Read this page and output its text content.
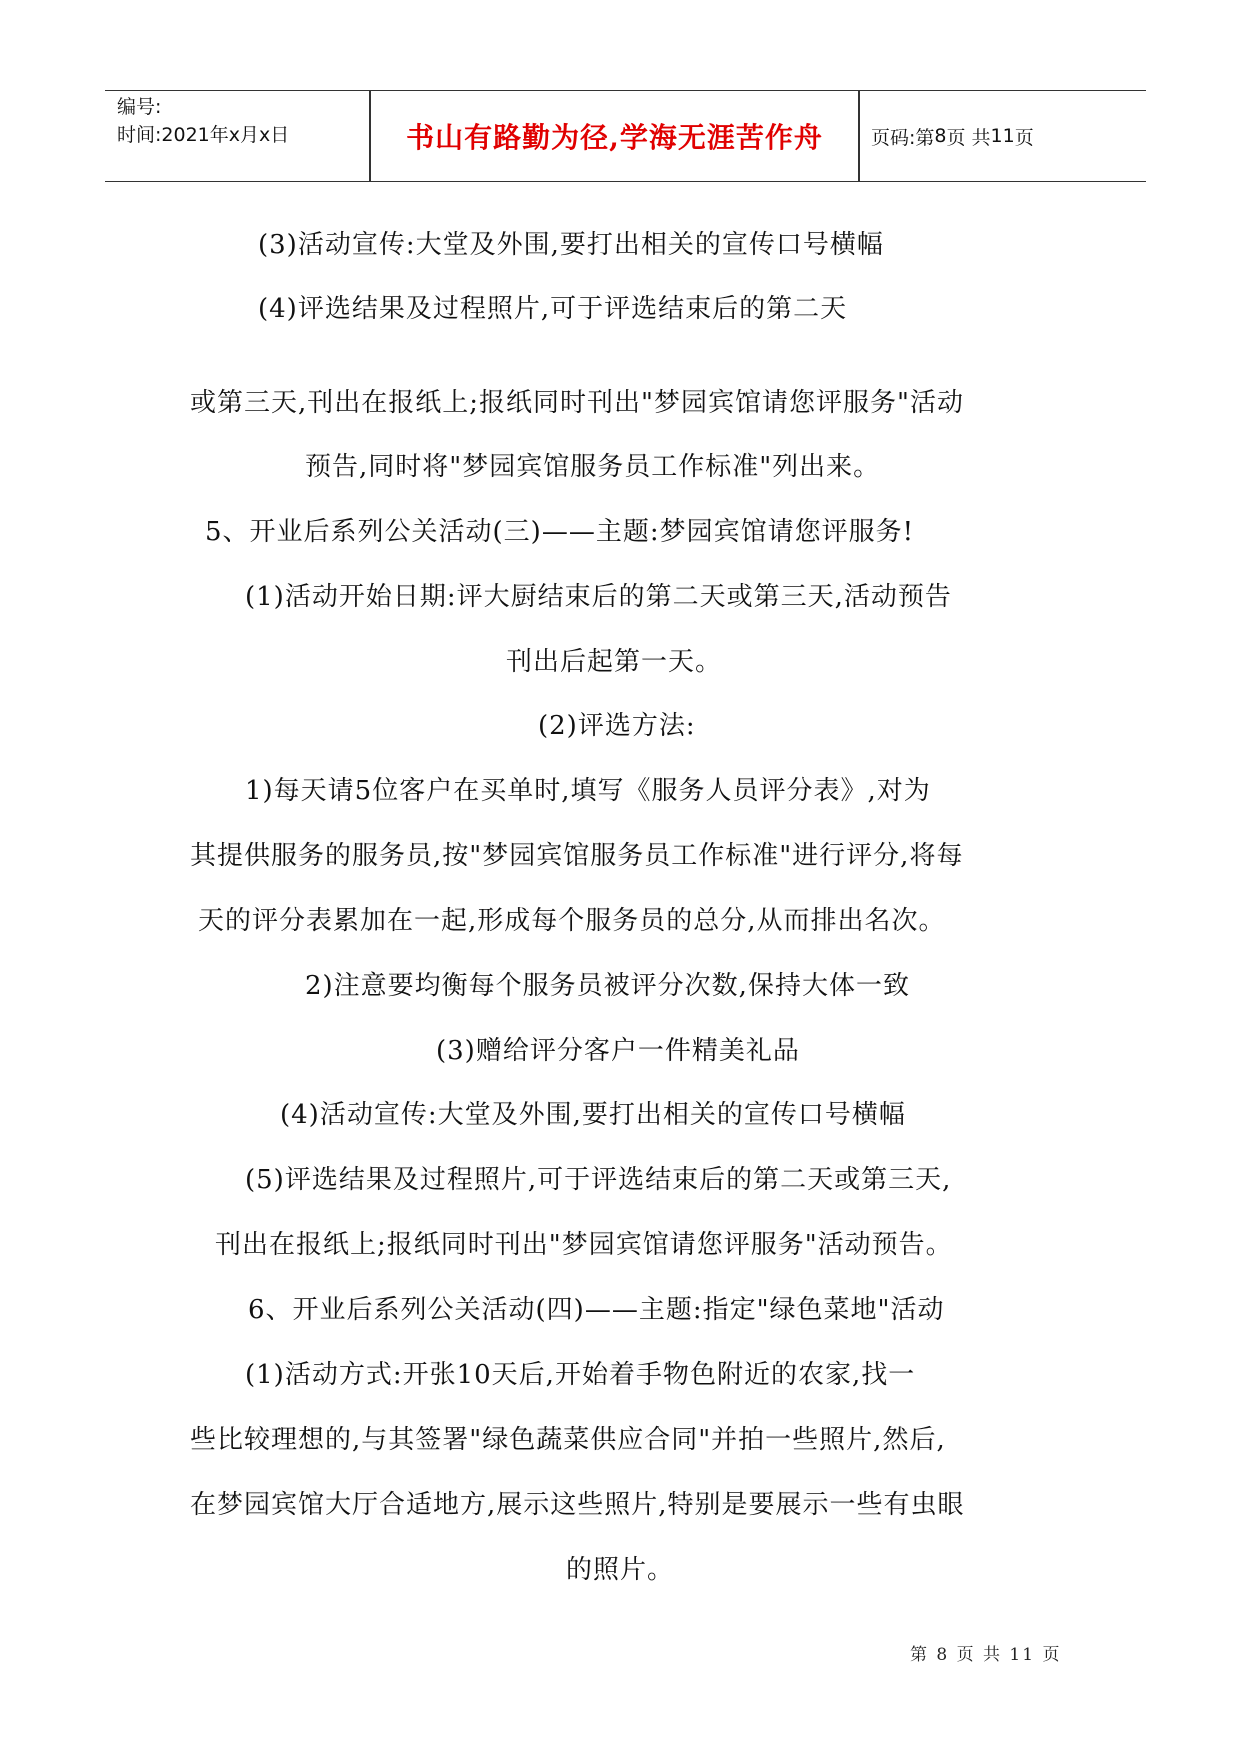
编号:
时间:2021年x月x日	书山有路勤为径,学海无涯苦作舟	页码:第 8 页 共 11 页
(3)活动宣传:大堂及外围,要打出相关的宣传口号横幅
(4)评选结果及过程照片,可于评选结束后的第二天
或第三天,刊出在报纸上;报纸同时刊出"梦园宾馆请您评服务"活动
预告,同时将"梦园宾馆服务员工作标准"列出来。
5、开业后系列公关活动(三)——主题:梦园宾馆请您评服务!
(1)活动开始日期:评大厨结束后的第二天或第三天,活动预告
刊出后起第一天。
(2)评选方法:
1)每天请5位客户在买单时,填写《服务人员评分表》,对为
其提供服务的服务员,按"梦园宾馆服务员工作标准"进行评分,将每
天的评分表累加在一起,形成每个服务员的总分,从而排出名次。
2)注意要均衡每个服务员被评分次数,保持大体一致
(3)赠给评分客户一件精美礼品
(4)活动宣传:大堂及外围,要打出相关的宣传口号横幅
(5)评选结果及过程照片,可于评选结束后的第二天或第三天,
刊出在报纸上;报纸同时刊出"梦园宾馆请您评服务"活动预告。
6、开业后系列公关活动(四)——主题:指定"绿色菜地"活动
(1)活动方式:开张10天后,开始着手物色附近的农家,找一
些比较理想的,与其签署"绿色蔬菜供应合同"并拍一些照片,然后,
在梦园宾馆大厅合适地方,展示这些照片,特别是要展示一些有虫眼
的照片。
第 8 页 共 11 页
